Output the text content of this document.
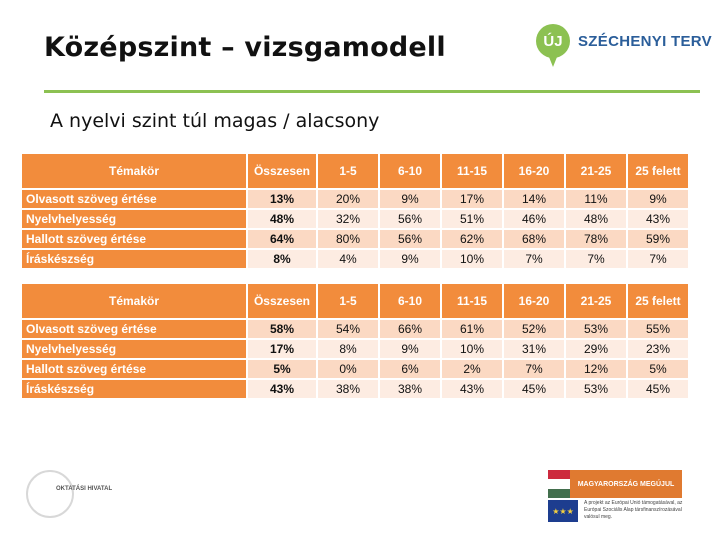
Középszint – vizsgamodell	ÚJ	SZÉCHENYI TERV
A nyelvi szint túl magas / alacsony
Témakör	Összesen	1-5	6-10	11-15	16-20	21-25	25 felett
Olvasott szöveg értése	13%	20%	9%	17%	14%	11%	9%
Nyelvhelyesség	48%	32%	56%	51%	46%	48%	43%
Hallott szöveg értése	64%	80%	56%	62%	68%	78%	59%
Íráskészség	8%	4%	9%	10%	7%	7%	7%
Témakör	Összesen	1-5	6-10	11-15	16-20	21-25	25 felett
Olvasott szöveg értése	58%	54%	66%	61%	52%	53%	55%
Nyelvhelyesség	17%	8%	9%	10%	31%	29%	23%
Hallott szöveg értése	5%	0%	6%	2%	7%	12%	5%
Íráskészség	43%	38%	38%	43%	45%	53%	45%
OKTATÁSI HIVATAL
MAGYARORSZÁG MEGÚJUL
★★★
A projekt az Európai Unió támogatásával, az Európai Szociális Alap társfinanszírozásával valósul meg.
